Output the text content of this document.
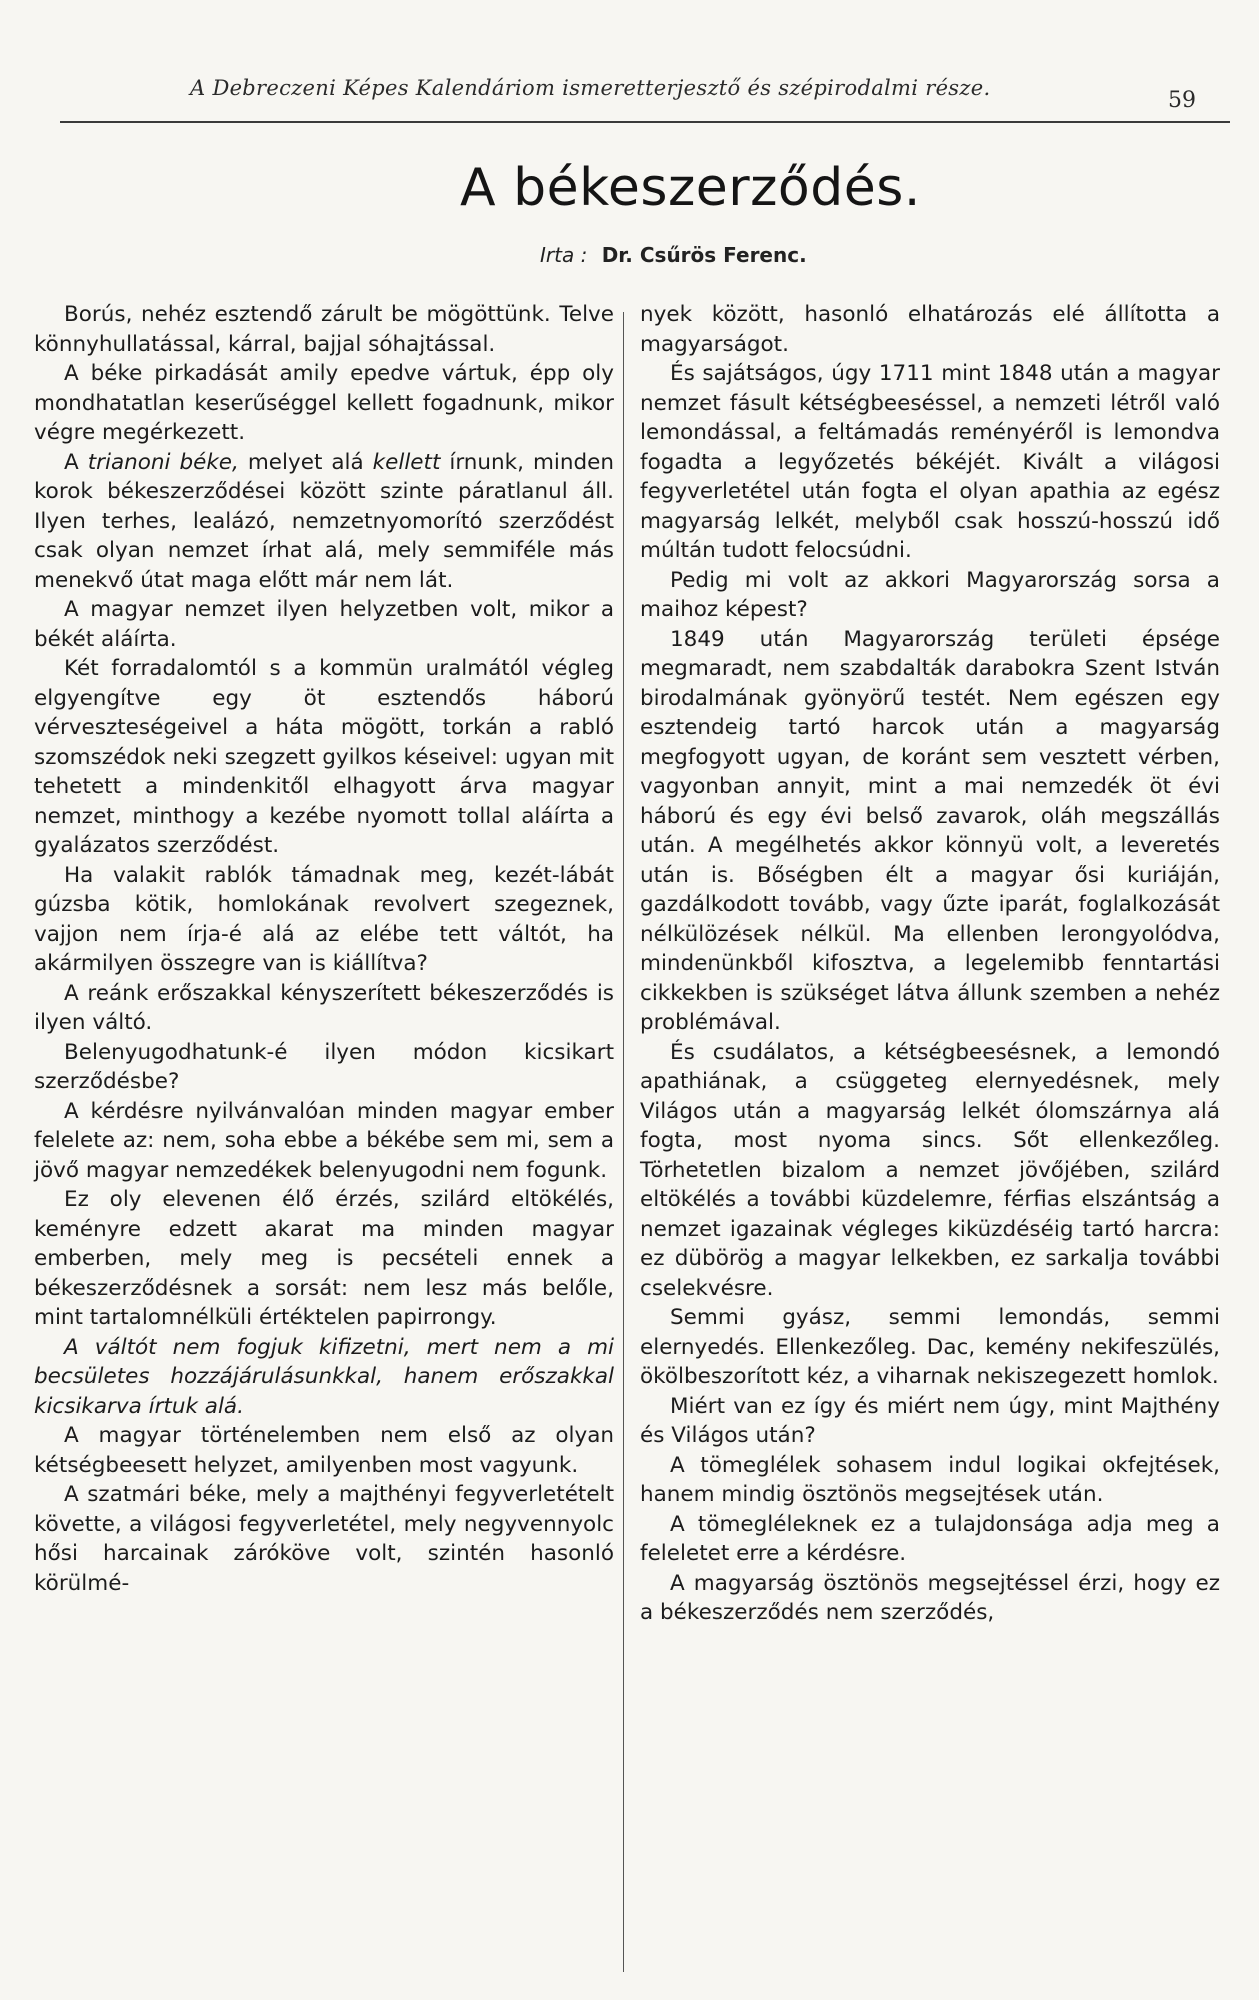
A Debreczeni Képes Kalendáriom ismeretterjesztő és szépirodalmi része.	59
A békeszerződés.
Irta : Dr. Csűrös Ferenc.

Borús, nehéz esztendő zárult be mögöttünk. Telve könnyhullatással, kárral, bajjal sóhajtással.

A béke pirkadását amily epedve vártuk, épp oly mondhatatlan keserűséggel kellett fogadnunk, mikor végre megérkezett.

A trianoni béke, melyet alá kellett írnunk, minden korok békeszerződései között szinte páratlanul áll. Ilyen terhes, lealázó, nemzetnyomorító szerződést csak olyan nemzet írhat alá, mely semmiféle más menekvő útat maga előtt már nem lát.

A magyar nemzet ilyen helyzetben volt, mikor a békét aláírta.

Két forradalomtól s a kommün uralmától végleg elgyengítve egy öt esztendős háború vérveszteségeivel a háta mögött, torkán a rabló szomszédok neki szegzett gyilkos késeivel: ugyan mit tehetett a mindenkitől elhagyott árva magyar nemzet, minthogy a kezébe nyomott tollal aláírta a gyalázatos szerződést.

Ha valakit rablók támadnak meg, kezét-lábát gúzsba kötik, homlokának revolvert szegeznek, vajjon nem írja-é alá az elébe tett váltót, ha akármilyen összegre van is kiállítva?

A reánk erőszakkal kényszerített békeszerződés is ilyen váltó.

Belenyugodhatunk-é ilyen módon kicsikart szerződésbe?

A kérdésre nyilvánvalóan minden magyar ember felelete az: nem, soha ebbe a békébe sem mi, sem a jövő magyar nemzedékek belenyugodni nem fogunk.

Ez oly elevenen élő érzés, szilárd eltökélés, keményre edzett akarat ma minden magyar emberben, mely meg is pecsételi ennek a békeszerződésnek a sorsát: nem lesz más belőle, mint tartalomnélküli értéktelen papirrongy.

A váltót nem fogjuk kifizetni, mert nem a mi becsületes hozzájárulásunkkal, hanem erőszakkal kicsikarva írtuk alá.

A magyar történelemben nem első az olyan kétségbeesett helyzet, amilyenben most vagyunk.

A szatmári béke, mely a majthényi fegyverletételt követte, a világosi fegyverletétel, mely negyvennyolc hősi harcainak záróköve volt, szintén hasonló körülmé-

nyek között, hasonló elhatározás elé állította a magyarságot.

És sajátságos, úgy 1711 mint 1848 után a magyar nemzet fásult kétségbeeséssel, a nemzeti létről való lemondással, a feltámadás reményéről is lemondva fogadta a legyőzetés békéjét. Kivált a világosi fegyverletétel után fogta el olyan apathia az egész magyarság lelkét, melyből csak hosszú-hosszú idő múltán tudott felocsúdni.

Pedig mi volt az akkori Magyarország sorsa a maihoz képest?

1849 után Magyarország területi épsége megmaradt, nem szabdalták darabokra Szent István birodalmának gyönyörű testét. Nem egészen egy esztendeig tartó harcok után a magyarság megfogyott ugyan, de koránt sem vesztett vérben, vagyonban annyit, mint a mai nemzedék öt évi háború és egy évi belső zavarok, oláh megszállás után. A megélhetés akkor könnyü volt, a leveretés után is. Bőségben élt a magyar ősi kuriáján, gazdálkodott tovább, vagy űzte iparát, foglalkozását nélkülözések nélkül. Ma ellenben lerongyolódva, mindenünkből kifosztva, a legelemibb fenntartási cikkekben is szükséget látva állunk szemben a nehéz problémával.

És csudálatos, a kétségbeesésnek, a lemondó apathiának, a csüggeteg elernyedésnek, mely Világos után a magyarság lelkét ólomszárnya alá fogta, most nyoma sincs. Sőt ellenkezőleg. Törhetetlen bizalom a nemzet jövőjében, szilárd eltökélés a további küzdelemre, férfias elszántság a nemzet igazainak végleges kiküzdéséig tartó harcra: ez dübörög a magyar lelkekben, ez sarkalja további cselekvésre.

Semmi gyász, semmi lemondás, semmi elernyedés. Ellenkezőleg. Dac, kemény nekifeszülés, ökölbeszorított kéz, a viharnak nekiszegezett homlok.

Miért van ez így és miért nem úgy, mint Majthény és Világos után?

A tömeglélek sohasem indul logikai okfejtések, hanem mindig ösztönös megsejtések után.

A tömegléleknek ez a tulajdonsága adja meg a feleletet erre a kérdésre.

A magyarság ösztönös megsejtéssel érzi, hogy ez a békeszerződés nem szerződés,
